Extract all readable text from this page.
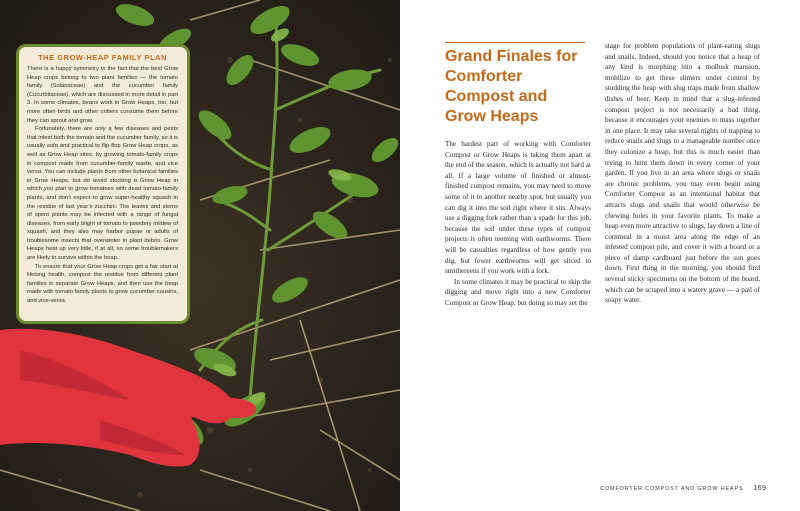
THE GROW-HEAP FAMILY PLAN

There is a happy symmetry in the fact that the best Grow Heap crops belong to two plant families — the tomato family (Solanaceae) and the cucumber family (Cucurbitaceae), which are discussed in more detail in part 3. In some climates, beans work in Grow Heaps, too, but more often birds and other critters consume them before they can sprout and grow.

Fortunately, there are only a few diseases and pests that infest both the tomato and the cucumber family, so it is usually safe and practical to flip-flop Grow Heap crops, as well as Grow Heap sites, by growing tomato-family crops in compost made from cucumber-family waste, and vice versa. You can include plants from other botanical families in Grow Heaps, but do avoid stocking a Grow Heap in which you plan to grow tomatoes with dead tomato-family plants, and don’t expect to grow super-healthy squash in the residue of last year’s zucchini. The leaves and stems of spent plants may be infected with a range of fungal diseases, from early blight of tomato to powdery mildew of squash, and they also may harbor pupae or adults of troublesome insects that overwinter in plant debris. Grow Heaps heat up very little, if at all, so some troublemakers are likely to survive within the heap.

To ensure that your Grow Heap crops get a fair start at lifelong health, compost the residue from different plant families in separate Grow Heaps, and then use the heap made with tomato family plants to grow cucumber cousins, and vice-versa.

Grand Finales for Comforter Compost and Grow Heaps

The hardest part of working with Comforter Compost or Grow Heaps is taking them apart at the end of the season, which is actually not hard at all. If a large volume of finished or almost-finished compost remains, you may need to move some of it to another nearby spot, but usually you can dig it into the soil right where it sits. Always use a digging fork rather than a spade for this job, because the soil under these types of compost projects is often teeming with earthworms. There will be casualties regardless of how gently you dig, but fewer earthworms will get sliced to smithereens if you work with a fork.

In some climates it may be practical to skip the digging and move right into a new Comforter Compost or Grow Heap, but doing so may set the

stage for problem populations of plant-eating slugs and snails. Indeed, should you notice that a heap of any kind is morphing into a mollusk mansion, mobilize to get these slimers under control by studding the heap with slug traps made from shallow dishes of beer. Keep in mind that a slug-infested compost project is not necessarily a bad thing, because it encourages your enemies to mass together in one place. It may take several nights of trapping to reduce snails and slugs to a manageable number once they colonize a heap, but this is much easier than trying to hunt them down in every corner of your garden. If you live in an area where slugs or snails are chronic problems, you may even begin using Comforter Compost as an intentional habitat that attracts slugs and snails that would otherwise be chewing holes in your favorite plants. To make a heap even more attractive to slugs, lay down a line of cornmeal in a moist area along the edge of an infested compost pile, and cover it with a board or a piece of damp cardboard just before the sun goes down. First thing in the morning, you should find several sticky specimens on the bottom of the board, which can be scraped into a watery grave — a pail of soapy water.

COMFORTER COMPOST AND GROW HEAPS 169
